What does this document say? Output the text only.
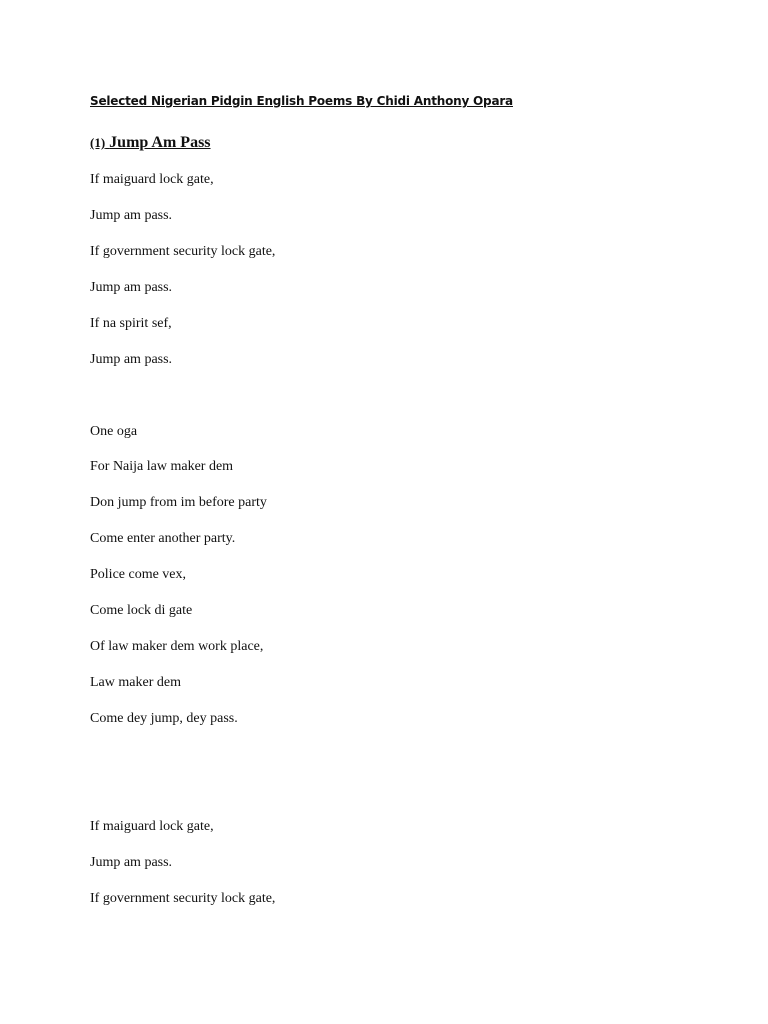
Selected Nigerian Pidgin English Poems By Chidi Anthony Opara
(1) Jump Am Pass
If maiguard lock gate,
Jump am pass.
If government security lock gate,
Jump am pass.
If na spirit sef,
Jump am pass.
One oga
For Naija law maker dem
Don jump from im before party
Come enter another party.
Police come vex,
Come lock di gate
Of law maker dem work place,
Law maker dem
Come dey jump, dey pass.
If maiguard lock gate,
Jump am pass.
If government security lock gate,
